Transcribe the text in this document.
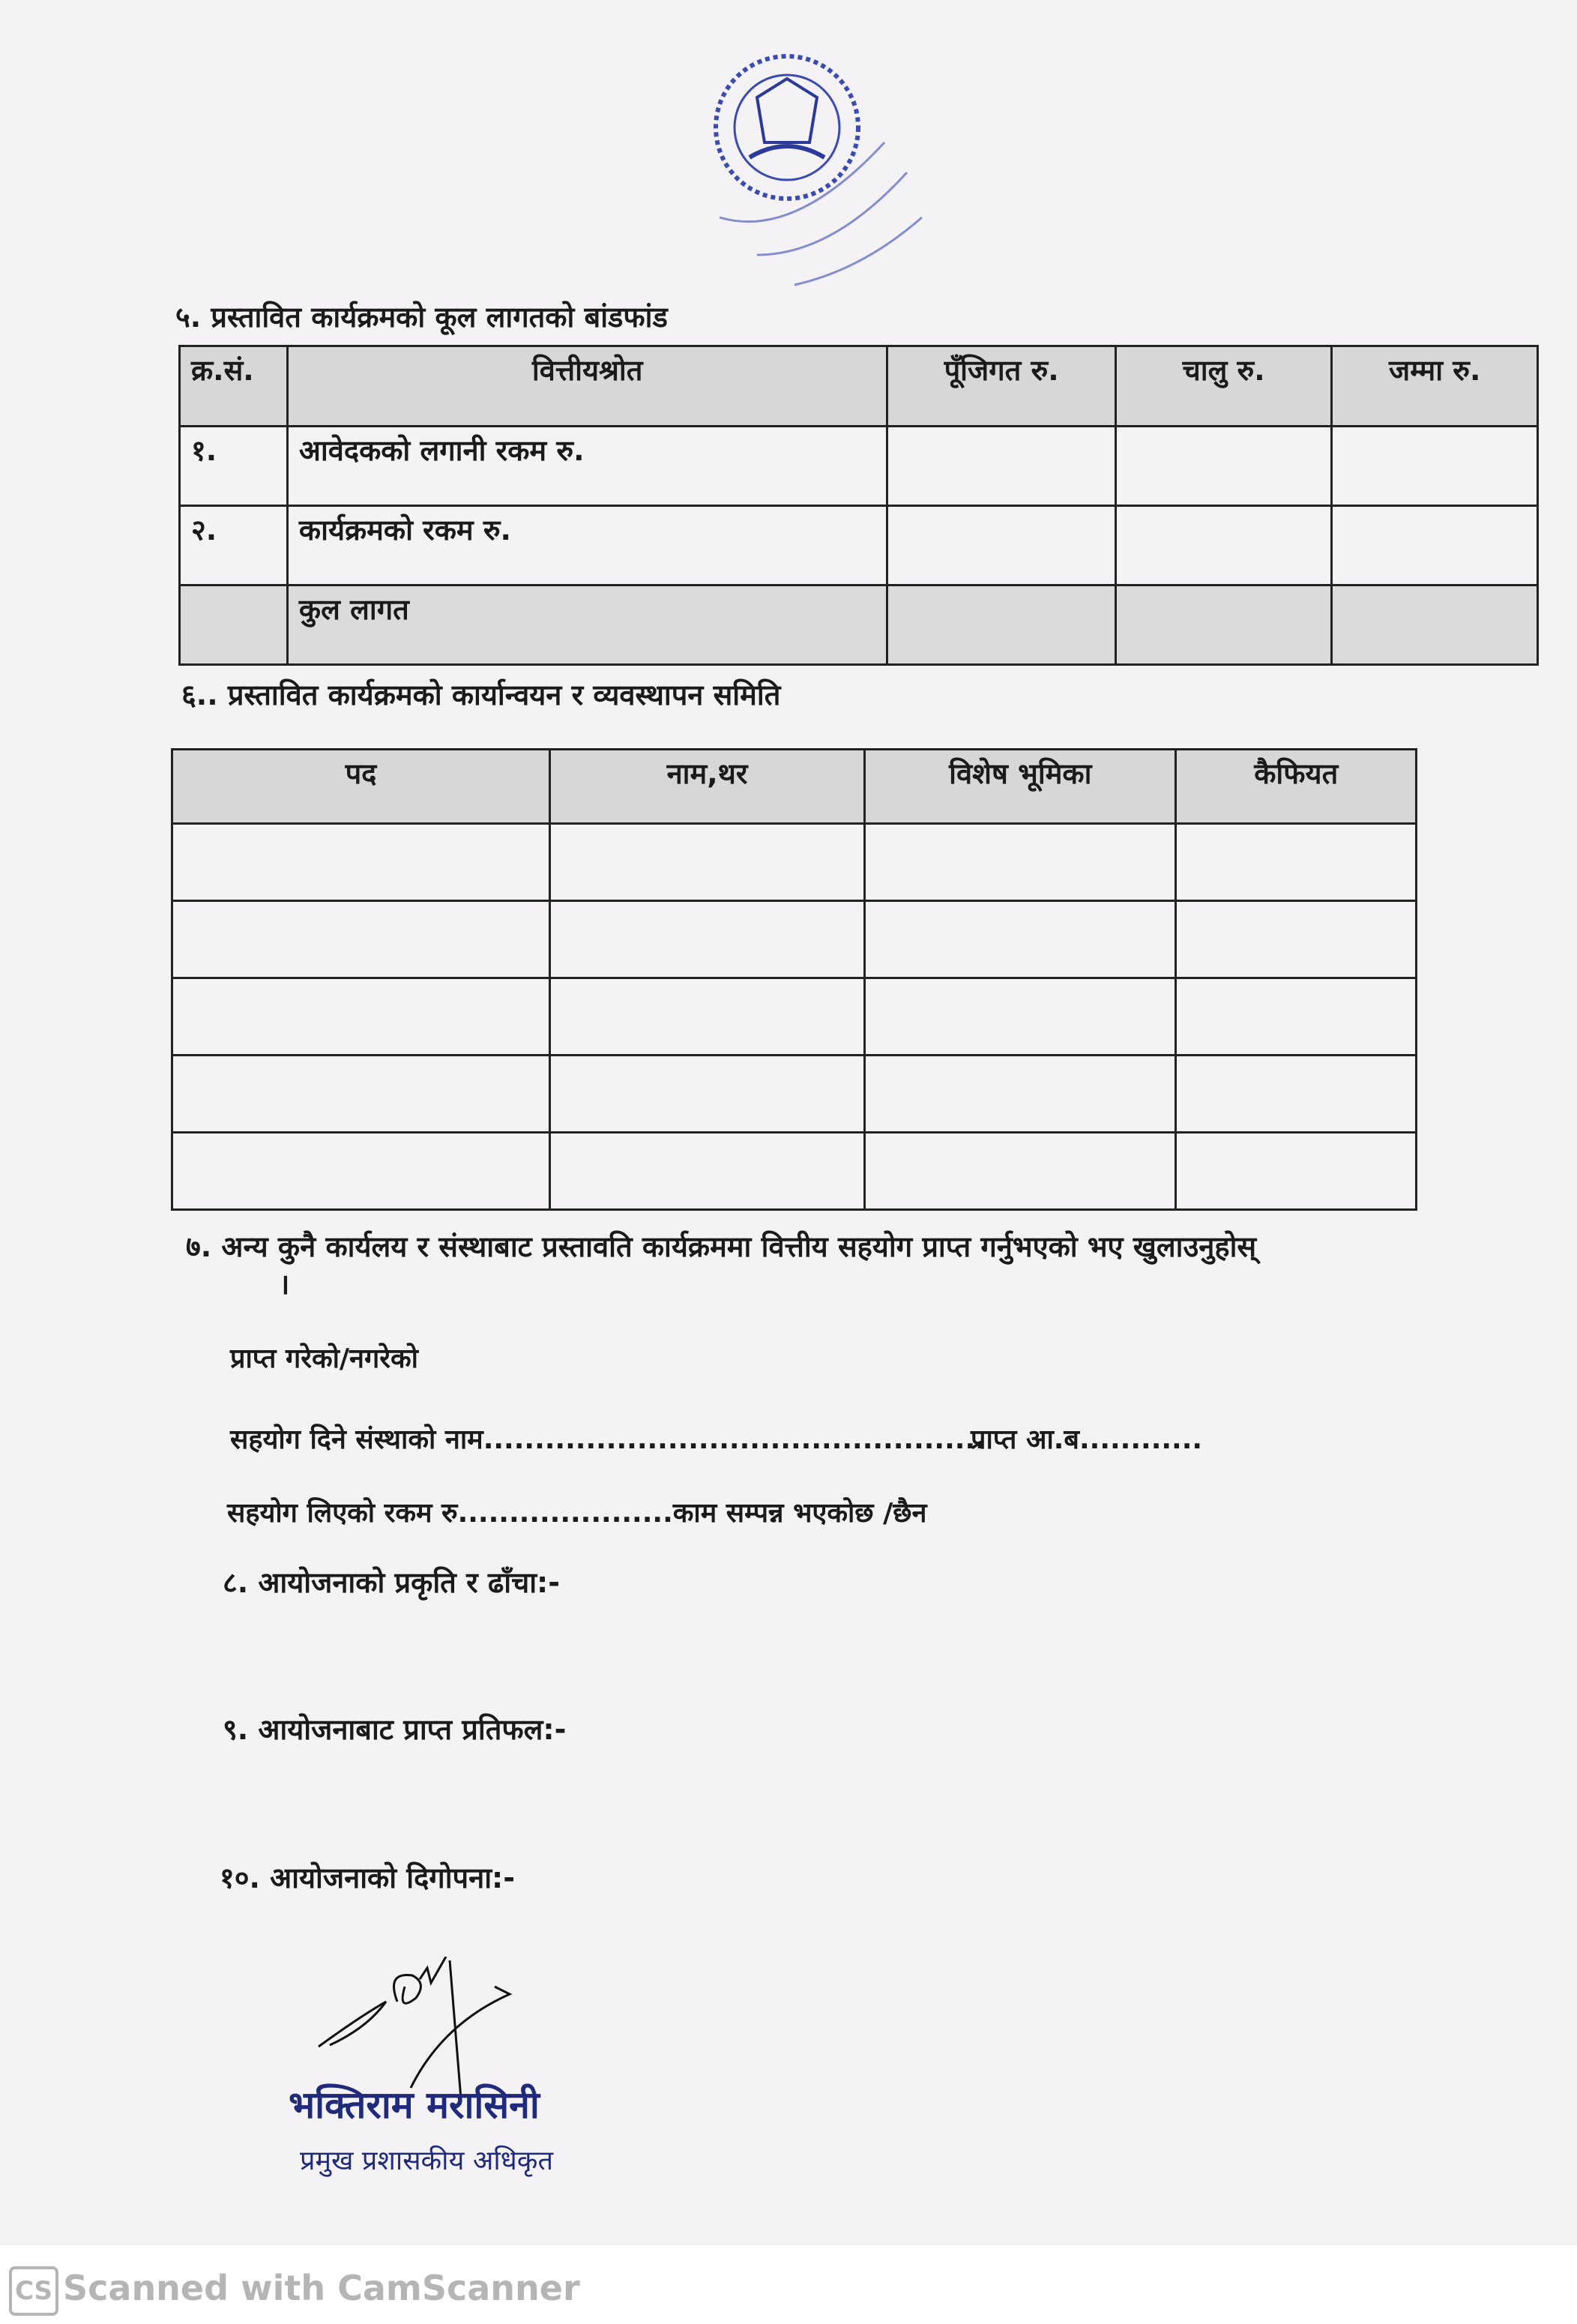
५. प्रस्तावित कार्यक्रमको कूल लागतको बांडफांड
क्र.सं.	वित्तीयश्रोत	पूँजिगत रु.	चालु रु.	जम्मा रु.
१.	आवेदकको लगानी रकम रु.			
२.	कार्यक्रमको रकम रु.			
	कुल लागत			
६.. प्रस्तावित कार्यक्रमको कार्यान्वयन र व्यवस्थापन समिति
पद	नाम,थर	विशेष भूमिका	कैफियत

७. अन्य कुनै कार्यलय र संस्थाबाट प्रस्तावति कार्यक्रममा वित्तीय सहयोग प्राप्त गर्नुभएको भए खुलाउनुहोस्
।
प्राप्त गरेको/नगरेको
सहयोग दिने संस्थाको नाम.................................................
प्राप्त आ.ब............
सहयोग लिएको रकम रु.....................काम सम्पन्न भएकोछ /छैन
८. आयोजनाको प्रकृति र ढाँचा:-
९. आयोजनाबाट प्राप्त प्रतिफल:-
१०. आयोजनाको दिगोपना:-
भक्तिराम मरासिनी
प्रमुख प्रशासकीय अधिकृत
CS Scanned with CamScanner
